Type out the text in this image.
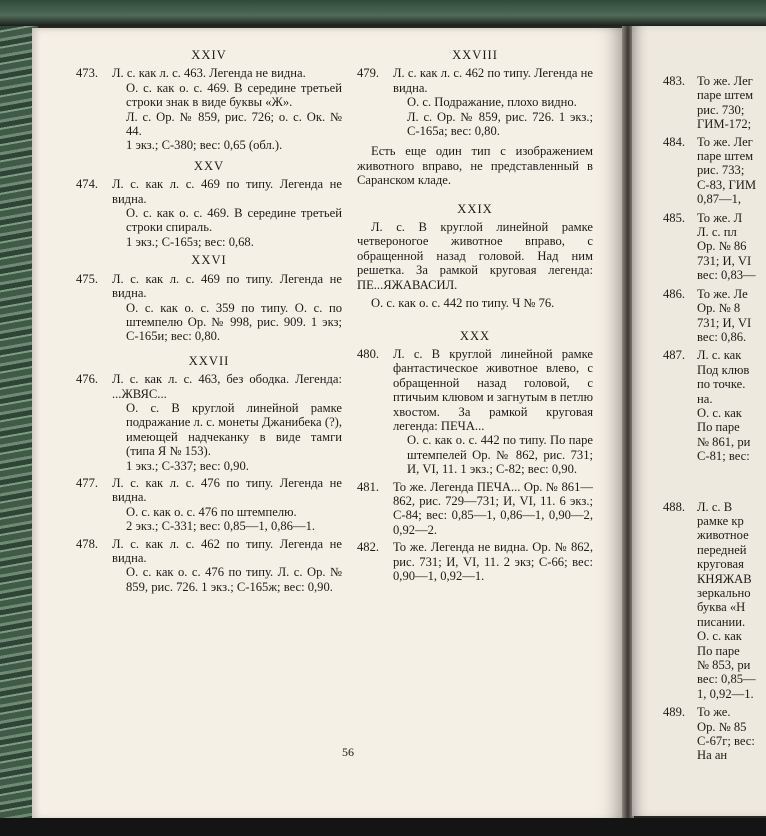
XXIV
473. Л. с. как л. с. 463. Легенда не видна.

О. с. как о. с. 469. В середине третьей строки знак в виде буквы «Ж».

Л. с. Ор. № 859, рис. 726; о. с. Ок. № 44.

1 экз.; С-380; вес: 0,65 (обл.).

XXV
474. Л. с. как л. с. 469 по типу. Легенда не видна.

О. с. как о. с. 469. В середине третьей строки спираль.

1 экз.; С-165з; вес: 0,68.

XXVI
475. Л. с. как л. с. 469 по типу. Легенда не видна.

О. с. как о. с. 359 по типу. О. с. по штемпелю Ор. № 998, рис. 909. 1 экз; С-165и; вес: 0,80.

XXVII
476. Л. с. как л. с. 463, без ободка. Легенда: ...ЖВЯС...

О. с. В круглой линейной рамке подражание л. с. монеты Джанибека (?), имеющей надчеканку в виде тамги (типа Я № 153).

1 экз.; С-337; вес: 0,90.

477. Л. с. как л. с. 476 по типу. Легенда не видна.

О. с. как о. с. 476 по штемпелю.

2 экз.; С-331; вес: 0,85—1, 0,86—1.

478. Л. с. как л. с. 462 по типу. Легенда не видна.

О. с. как о. с. 476 по типу. Л. с. Ор. № 859, рис. 726. 1 экз.; С-165ж; вес: 0,90.

XXVIII
479. Л. с. как л. с. 462 по типу. Легенда не видна.

О. с. Подражание, плохо видно.

Л. с. Ор. № 859, рис. 726. 1 экз.; С-165а; вес: 0,80.

Есть еще один тип с изображением животного вправо, не представленный в Саранском кладе.

XXIX

Л. с. В круглой линейной рамке четвероногое животное вправо, с обращенной назад головой. Над ним решетка. За рамкой круговая легенда: ПЕ...ЯЖАВАСИЛ.

О. с. как о. с. 442 по типу. Ч № 76.

XXX
480. Л. с. В круглой линейной рамке фантастическое животное влево, с обращенной назад головой, с птичьим клювом и загнутым в петлю хвостом. За рамкой круговая легенда: ПЕЧА...

О. с. как о. с. 442 по типу. По паре штемпелей Ор. № 862, рис. 731; И, VI, 11. 1 экз.; С-82; вес: 0,90.

481. То же. Легенда ПЕЧА... Ор. № 861—862, рис. 729—731; И, VI, 11. 6 экз.; С-84; вес: 0,85—1, 0,86—1, 0,90—2, 0,92—2.

482. То же. Легенда не видна. Ор. № 862, рис. 731; И, VI, 11. 2 экз; С-66; вес: 0,90—1, 0,92—1.

56
483. То же. Лег

паре штем

рис. 730;

ГИМ-172;

484. То же. Лег

паре штем

рис. 733;

С-83, ГИМ

0,87—1,

485. То же. Л

Л. с. пл

Ор. № 86

731; И, VI

вес: 0,83—

486. То же. Ле

Ор. № 8

731; И, VI

вес: 0,86.

487. Л. с. как

Под клюв

по точке.

на.

О. с. как

По паре

№ 861, ри

С-81; вес:

488. Л. с. В

рамке кр

животное

передней

круговая

КНЯЖАВ

зеркально

буква «Н

писании.

О. с. как

По паре

№ 853, ри

вес: 0,85—

1, 0,92—1.

489. То же.

Ор. № 85

С-67г; вес:

На ан
